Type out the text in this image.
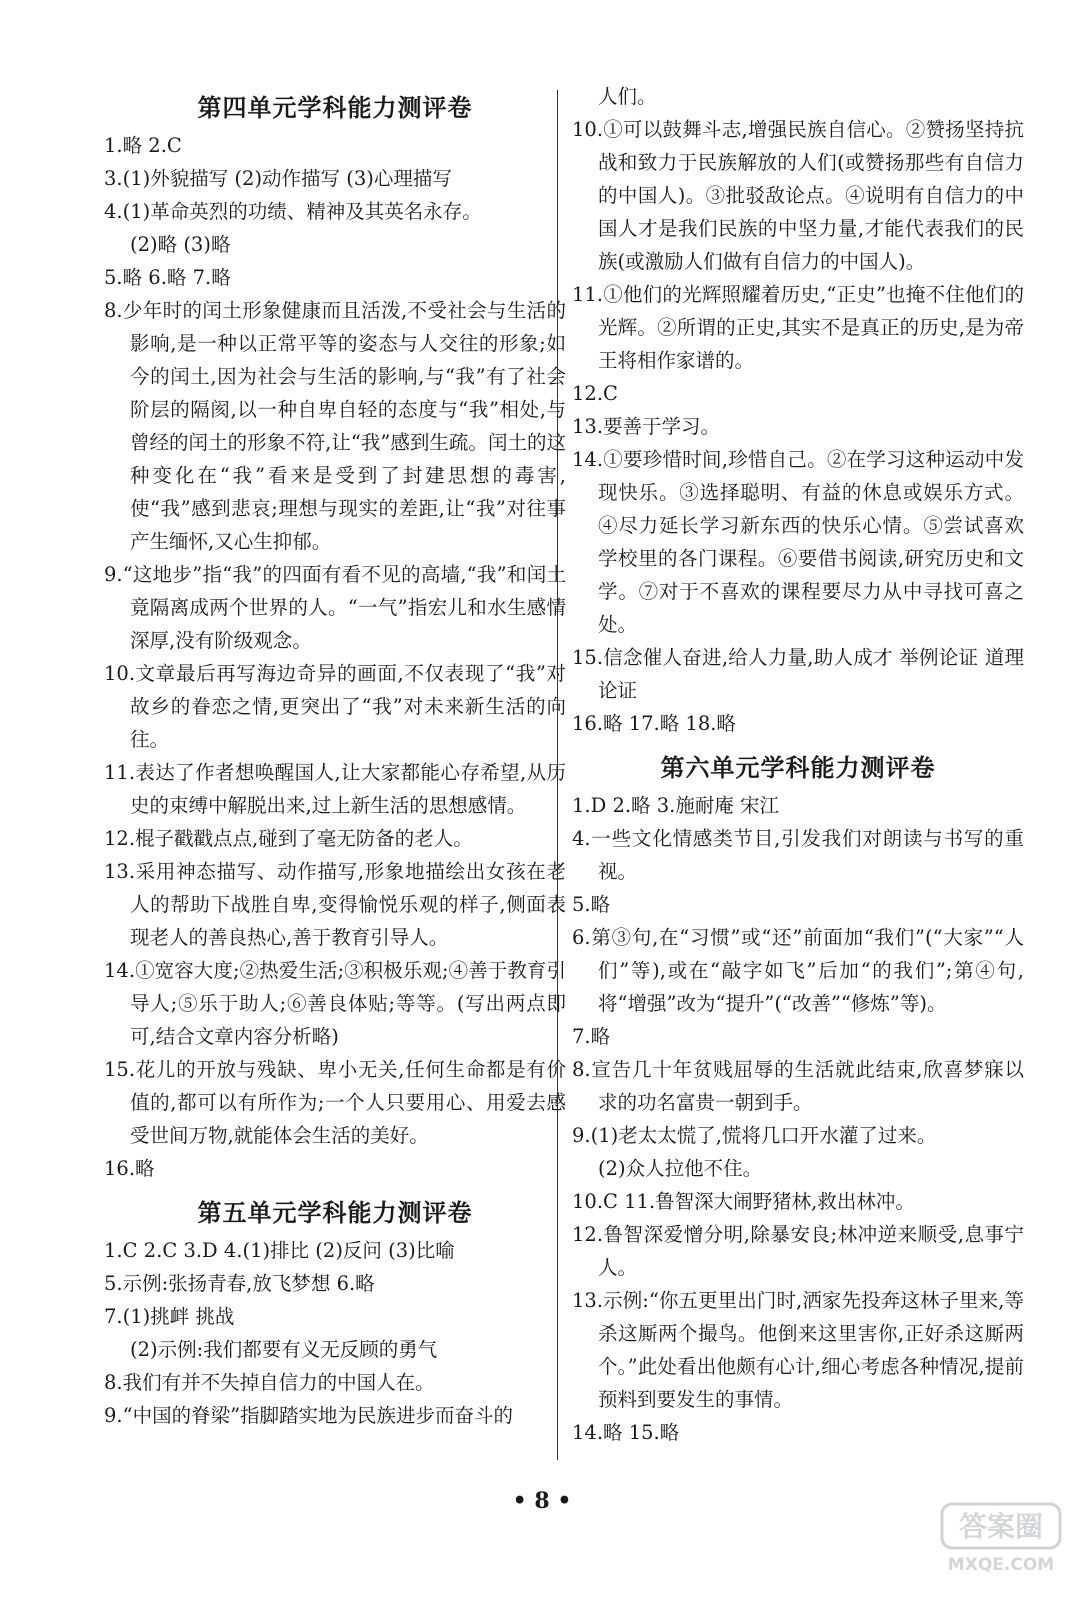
第四单元学科能力测评卷
1.略 2.C
3.(1)外貌描写 (2)动作描写 (3)心理描写
4.(1)革命英烈的功绩、精神及其英名永存。
(2)略 (3)略
5.略 6.略 7.略
8.少年时的闰土形象健康而且活泼,不受社会与生活的影响,是一种以正常平等的姿态与人交往的形象;如今的闰土,因为社会与生活的影响,与“我”有了社会阶层的隔阂,以一种自卑自轻的态度与“我”相处,与曾经的闰土的形象不符,让“我”感到生疏。闰土的这种变化在“我”看来是受到了封建思想的毒害,使“我”感到悲哀;理想与现实的差距,让“我”对往事产生缅怀,又心生抑郁。
9.“这地步”指“我”的四面有看不见的高墙,“我”和闰土竟隔离成两个世界的人。“一气”指宏儿和水生感情深厚,没有阶级观念。
10.文章最后再写海边奇异的画面,不仅表现了“我”对故乡的眷恋之情,更突出了“我”对未来新生活的向往。
11.表达了作者想唤醒国人,让大家都能心存希望,从历史的束缚中解脱出来,过上新生活的思想感情。
12.棍子戳戳点点,碰到了毫无防备的老人。
13.采用神态描写、动作描写,形象地描绘出女孩在老人的帮助下战胜自卑,变得愉悦乐观的样子,侧面表现老人的善良热心,善于教育引导人。
14.①宽容大度;②热爱生活;③积极乐观;④善于教育引导人;⑤乐于助人;⑥善良体贴;等等。(写出两点即可,结合文章内容分析略)
15.花儿的开放与残缺、卑小无关,任何生命都是有价值的,都可以有所作为;一个人只要用心、用爱去感受世间万物,就能体会生活的美好。
16.略
第五单元学科能力测评卷
1.C 2.C 3.D 4.(1)排比 (2)反问 (3)比喻
5.示例:张扬青春,放飞梦想 6.略
7.(1)挑衅 挑战
(2)示例:我们都要有义无反顾的勇气
8.我们有并不失掉自信力的中国人在。
9.“中国的脊梁”指脚踏实地为民族进步而奋斗的
人们。
10.①可以鼓舞斗志,增强民族自信心。②赞扬坚持抗战和致力于民族解放的人们(或赞扬那些有自信力的中国人)。③批驳敌论点。④说明有自信力的中国人才是我们民族的中坚力量,才能代表我们的民族(或激励人们做有自信力的中国人)。
11.①他们的光辉照耀着历史,“正史”也掩不住他们的光辉。②所谓的正史,其实不是真正的历史,是为帝王将相作家谱的。
12.C
13.要善于学习。
14.①要珍惜时间,珍惜自己。②在学习这种运动中发现快乐。③选择聪明、有益的休息或娱乐方式。④尽力延长学习新东西的快乐心情。⑤尝试喜欢学校里的各门课程。⑥要借书阅读,研究历史和文学。⑦对于不喜欢的课程要尽力从中寻找可喜之处。
15.信念催人奋进,给人力量,助人成才 举例论证 道理论证
16.略 17.略 18.略
第六单元学科能力测评卷
1.D 2.略 3.施耐庵 宋江
4.一些文化情感类节目,引发我们对朗读与书写的重视。
5.略
6.第③句,在“习惯”或“还”前面加“我们”(“大家”“人们”等),或在“敲字如飞”后加“的我们”;第④句,将“增强”改为“提升”(“改善”“修炼”等)。
7.略
8.宣告几十年贫贱屈辱的生活就此结束,欣喜梦寐以求的功名富贵一朝到手。
9.(1)老太太慌了,慌将几口开水灌了过来。
(2)众人拉他不住。
10.C 11.鲁智深大闹野猪林,救出林冲。
12.鲁智深爱憎分明,除暴安良;林冲逆来顺受,息事宁人。
13.示例:“你五更里出门时,洒家先投奔这林子里来,等杀这厮两个撮鸟。他倒来这里害你,正好杀这厮两个。”此处看出他颇有心计,细心考虑各种情况,提前预料到要发生的事情。
14.略 15.略
• 8 •
答案圈
MXQE.COM
